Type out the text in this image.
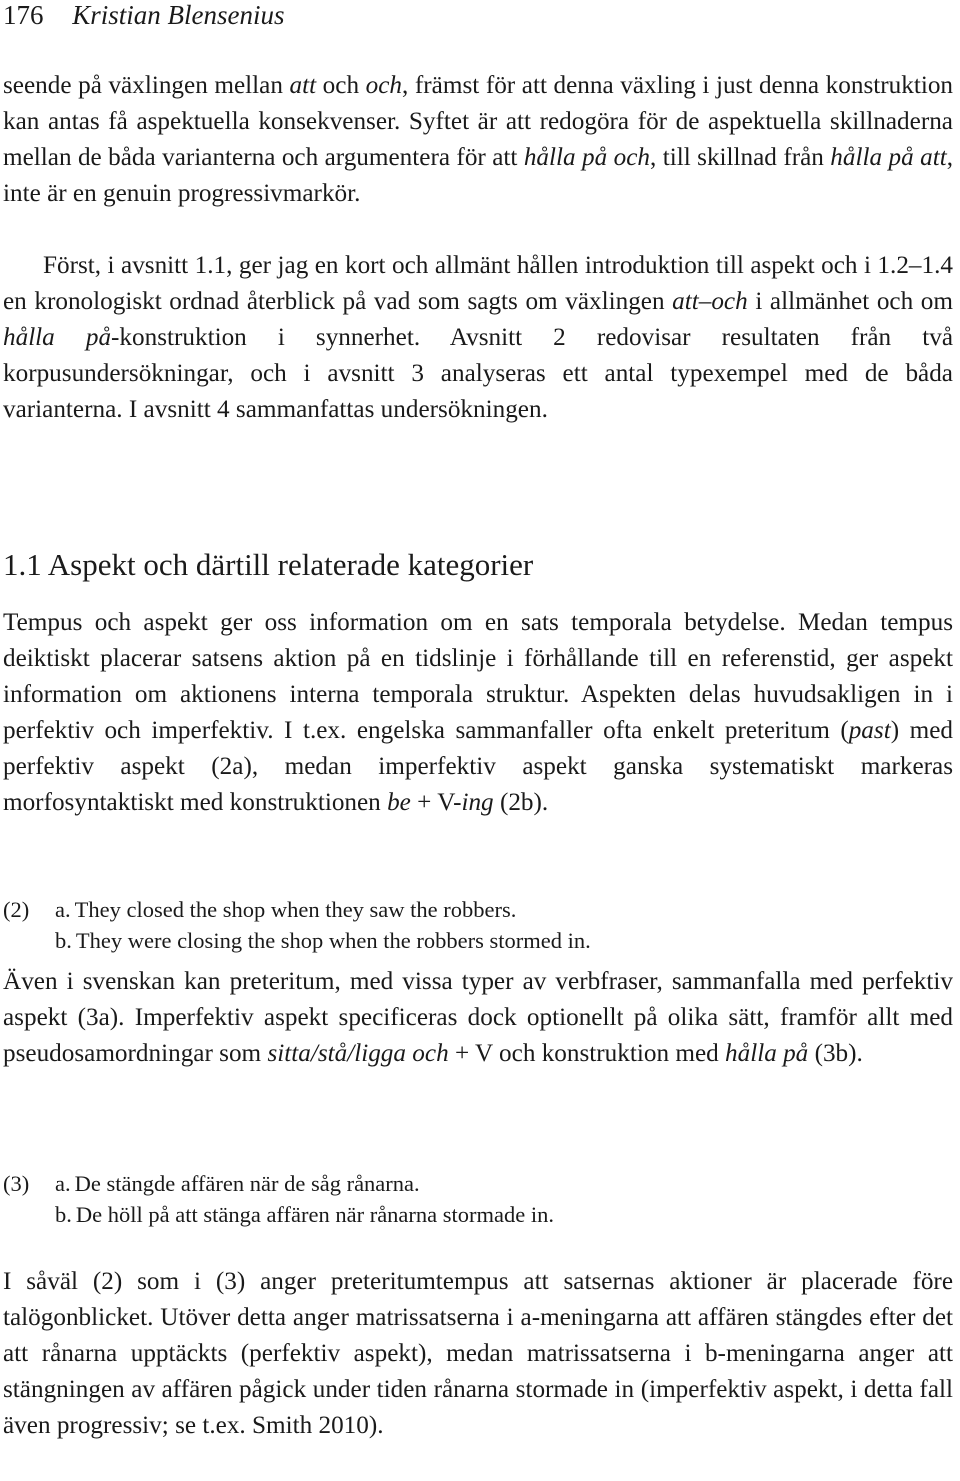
176 Kristian Blensenius

seende på växlingen mellan att och och, främst för att denna växling i just denna konstruktion kan antas få aspektuella konsekvenser. Syftet är att redogöra för de aspektuella skillnaderna mellan de båda varianterna och argumentera för att hålla på och, till skillnad från hålla på att, inte är en genuin progressivmarkör.

Först, i avsnitt 1.1, ger jag en kort och allmänt hållen introduktion till aspekt och i 1.2–1.4 en kronologiskt ordnad återblick på vad som sagts om växlingen att–och i allmänhet och om hålla på-konstruktion i synnerhet. Avsnitt 2 redovisar resultaten från två korpusundersökningar, och i avsnitt 3 analyseras ett antal typexempel med de båda varianterna. I avsnitt 4 sammanfattas undersökningen.

1.1 Aspekt och därtill relaterade kategorier

Tempus och aspekt ger oss information om en sats temporala betydelse. Medan tempus deiktiskt placerar satsens aktion på en tidslinje i förhållande till en referenstid, ger aspekt information om aktionens interna temporala struktur. Aspekten delas huvudsakligen in i perfektiv och imperfektiv. I t.ex. engelska sammanfaller ofta enkelt preteritum (past) med perfektiv aspekt (2a), medan imperfektiv aspekt ganska systematiskt markeras morfosyntaktiskt med konstruktionen be + V-ing (2b).

(2) a. They closed the shop when they saw the robbers.
b. They were closing the shop when the robbers stormed in.

Även i svenskan kan preteritum, med vissa typer av verbfraser, sammanfalla med perfektiv aspekt (3a). Imperfektiv aspekt specificeras dock optionellt på olika sätt, framför allt med pseudosamordningar som sitta/stå/ligga och + V och konstruktion med hålla på (3b).

(3) a. De stängde affären när de såg rånarna.
b. De höll på att stänga affären när rånarna stormade in.

I såväl (2) som i (3) anger preteritumtempus att satsernas aktioner är placerade före talögonblicket. Utöver detta anger matrissatserna i a-meningarna att affären stängdes efter det att rånarna upptäckts (perfektiv aspekt), medan matrissatserna i b-meningarna anger att stängningen av affären pågick under tiden rånarna stormade in (imperfektiv aspekt, i detta fall även progressiv; se t.ex. Smith 2010).
